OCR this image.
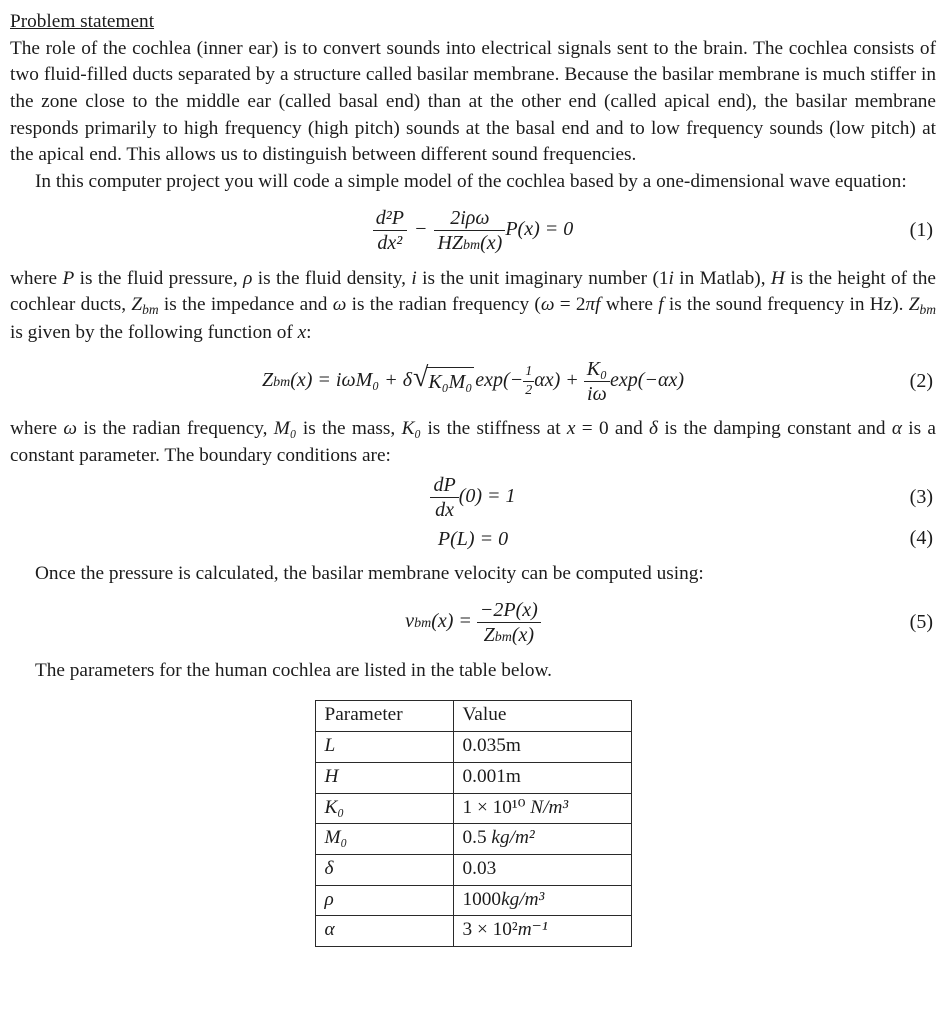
Problem statement

The role of the cochlea (inner ear) is to convert sounds into electrical signals sent to the brain. The cochlea consists of two fluid-filled ducts separated by a structure called basilar membrane. Because the basilar membrane is much stiffer in the zone close to the middle ear (called basal end) than at the other end (called apical end), the basilar membrane responds primarily to high frequency (high pitch) sounds at the basal end and to low frequency sounds (low pitch) at the apical end. This allows us to distinguish between different sound frequencies.

In this computer project you will code a simple model of the cochlea based by a one-dimensional wave equation:

$\frac{\text{d²P}}{\text{dx²}} - \frac{\text{2iρω}}{\text{HZbm(x)}} P(x) = 0$	(1)

where P is the fluid pressure, ρ is the fluid density, i is the unit imaginary number (1i in Matlab), H is the height of the cochlear ducts, $Z_{bm}$ is the impedance and ω is the radian frequency (ω = 2πf where f is the sound frequency in Hz). $Z_{bm}$ is given by the following function of x:

Zbm(x) = iωM₀ + δ √ K₀M₀ $\exp(- \frac{1}{2} \alpha x) + \frac{\text{K₀}}{i\omega} \exp(-\alpha x)$	(2)

where ω is the radian frequency, M₀ is the mass, K₀ is the stiffness at x = 0 and δ is the damping constant and α is a constant parameter. The boundary conditions are:

$\frac{dP}{dx} (0) = 1$	(3)
P(L) = 0	(4)

Once the pressure is calculated, the basilar membrane velocity can be computed using:

$vbm(x) = \frac{-2P(x)}{\text{Zbm(x)}}$	(5)

The parameters for the human cochlea are listed in the table below.

Parameter	Value
L	0.035m
H	0.001m
K₀	1 × 10¹⁰ N/m³
M₀	0.5 kg/m²
δ	0.03
ρ	1000kg/m³
α	3 × 10²m⁻¹
